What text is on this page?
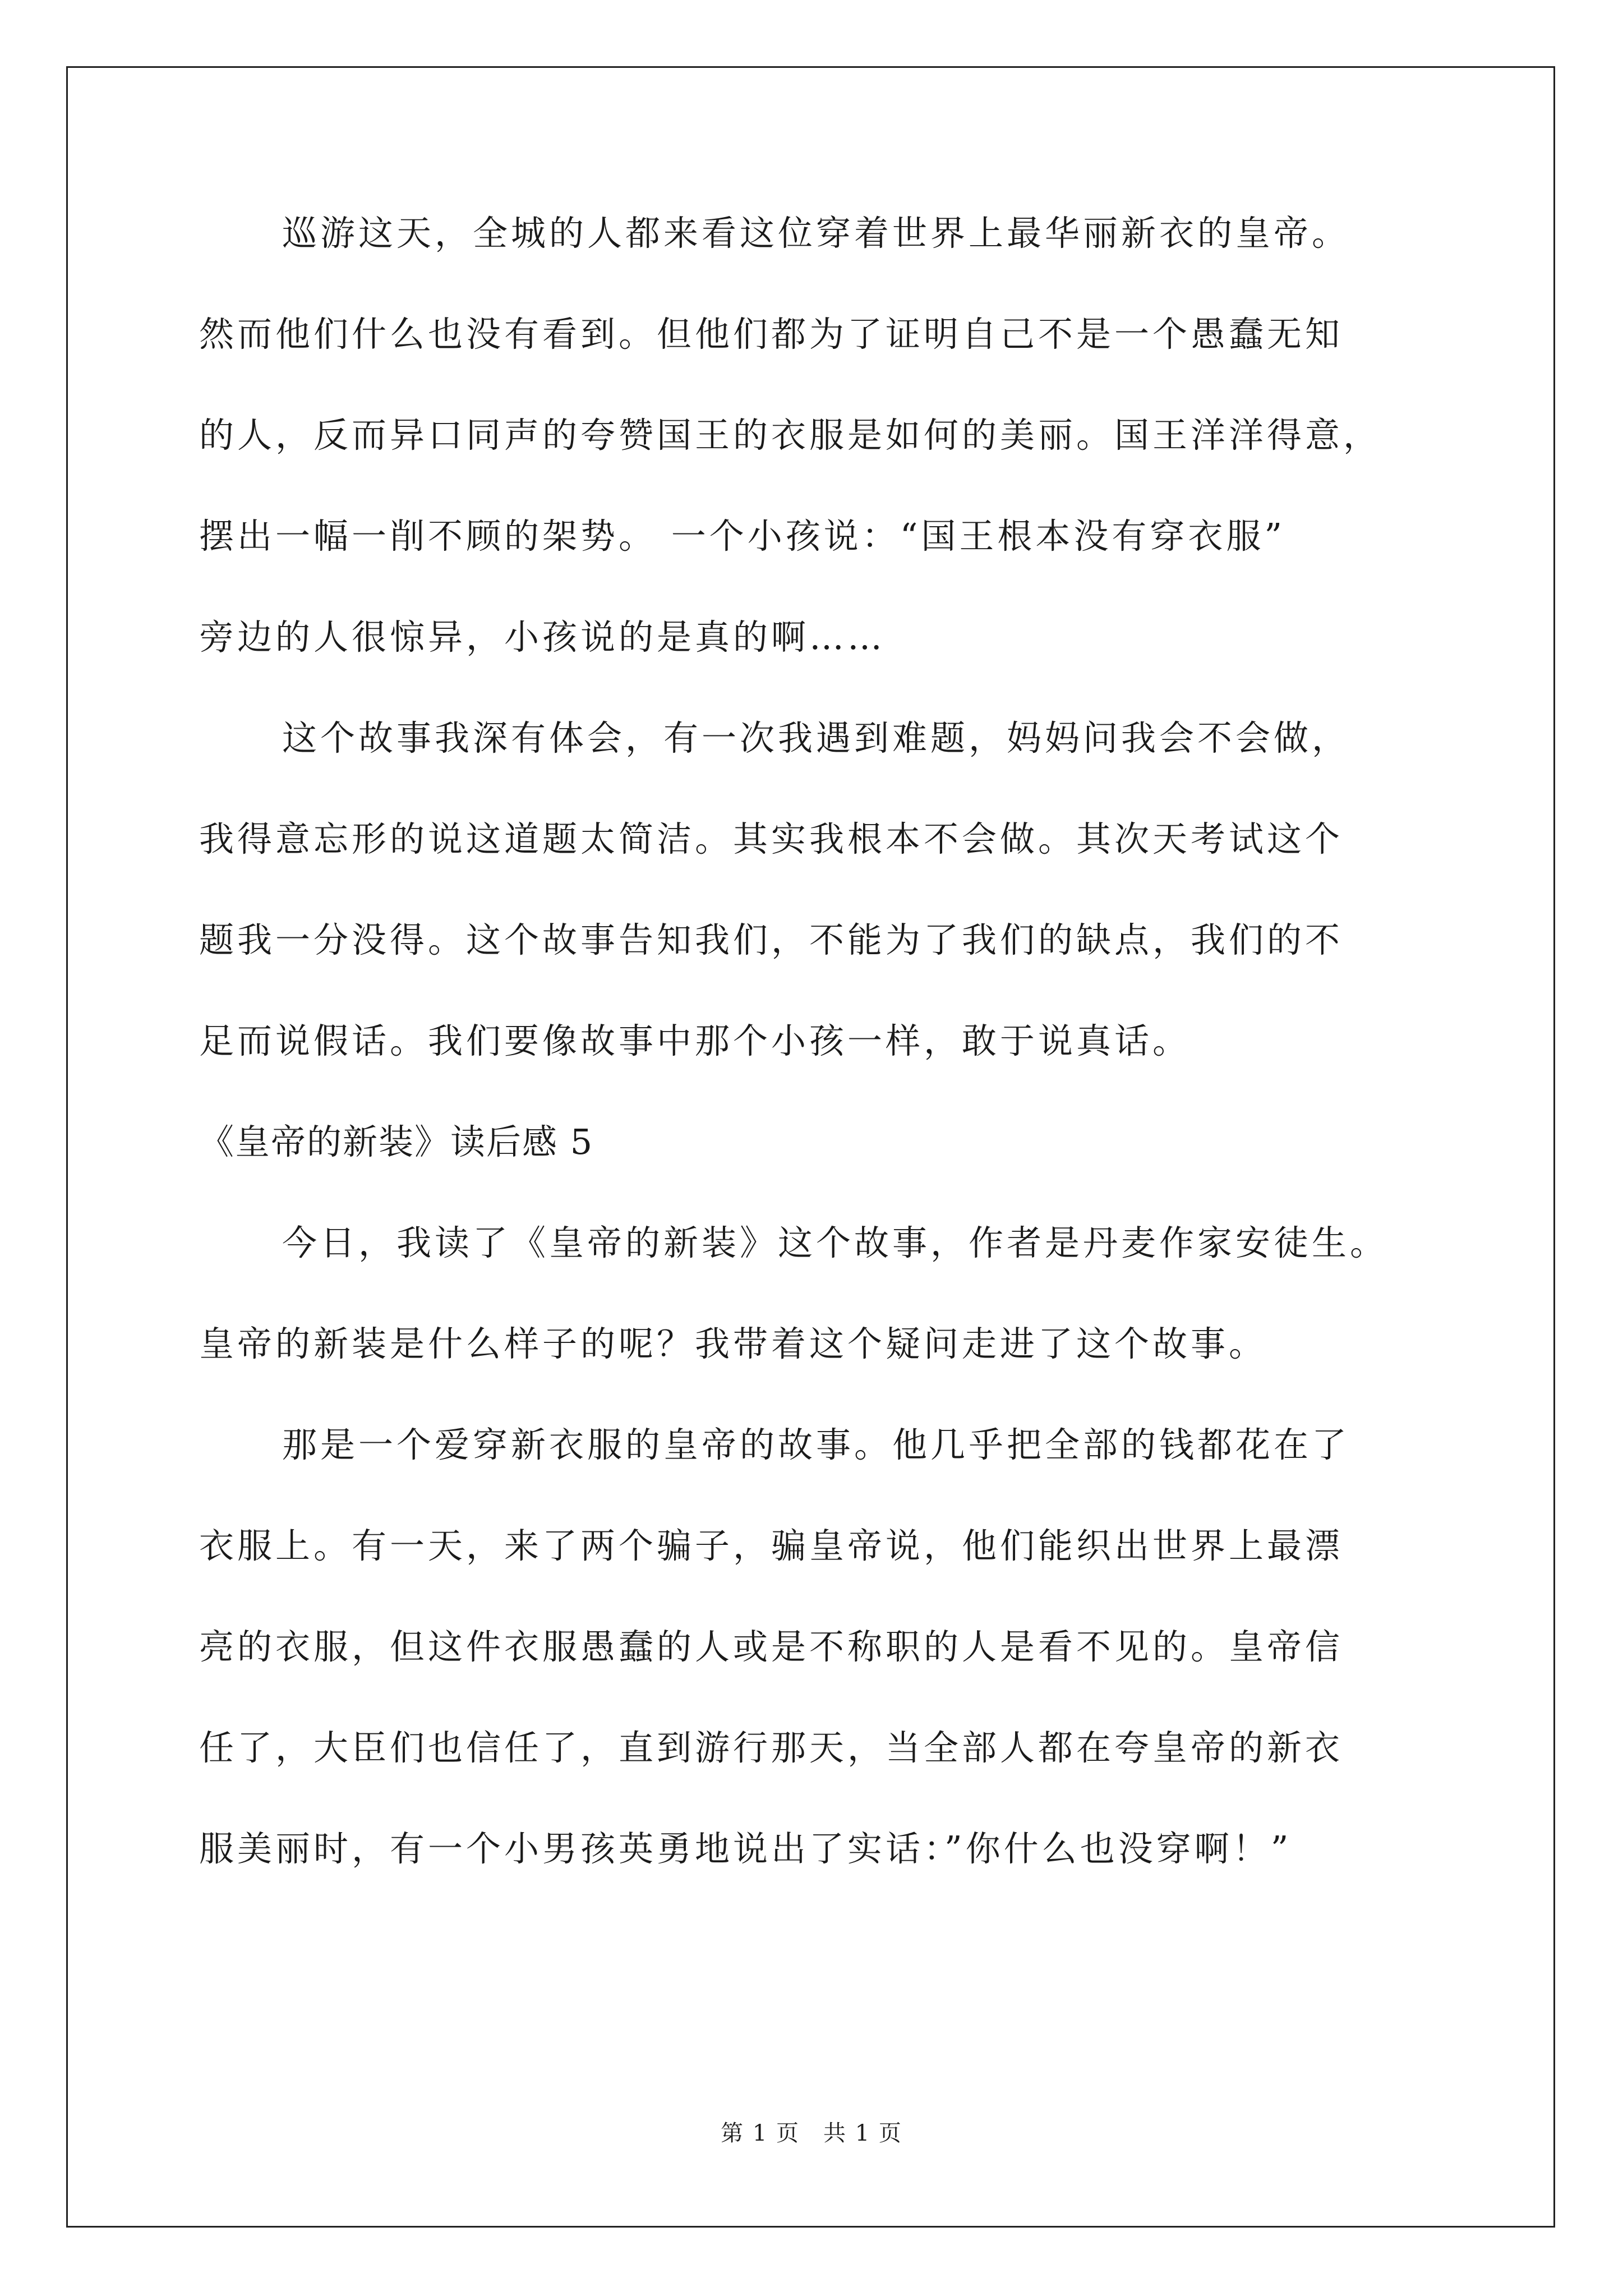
巡游这天，全城的人都来看这位穿着世界上最华丽新衣的皇帝。
然而他们什么也没有看到。但他们都为了证明自己不是一个愚蠢无知
的人，反而异口同声的夸赞国王的衣服是如何的美丽。国王洋洋得意，
摆出一幅一削不顾的架势。 一个小孩说：“国王根本没有穿衣服”
旁边的人很惊异，小孩说的是真的啊……
这个故事我深有体会，有一次我遇到难题，妈妈问我会不会做，
我得意忘形的说这道题太简洁。其实我根本不会做。其次天考试这个
题我一分没得。这个故事告知我们，不能为了我们的缺点，我们的不
足而说假话。我们要像故事中那个小孩一样，敢于说真话。
《皇帝的新装》读后感 5
今日，我读了《皇帝的新装》这个故事，作者是丹麦作家安徒生。
皇帝的新装是什么样子的呢？我带着这个疑问走进了这个故事。
那是一个爱穿新衣服的皇帝的故事。他几乎把全部的钱都花在了
衣服上。有一天，来了两个骗子，骗皇帝说，他们能织出世界上最漂
亮的衣服，但这件衣服愚蠢的人或是不称职的人是看不见的。皇帝信
任了，大臣们也信任了，直到游行那天，当全部人都在夸皇帝的新衣
服美丽时，有一个小男孩英勇地说出了实话：”你什么也没穿啊！”
第 1 页　共 1 页
